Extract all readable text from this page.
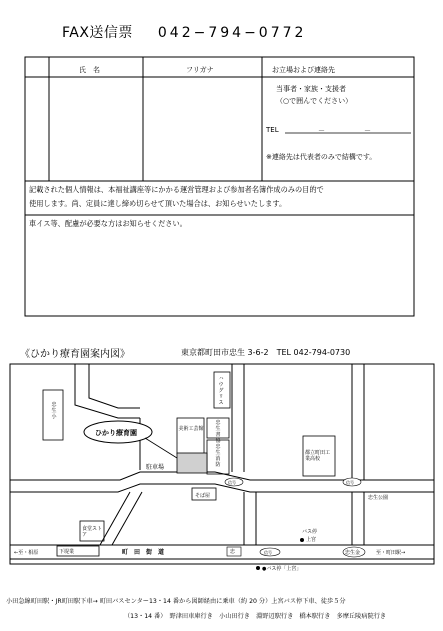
FAX送信票 042−794−0772
氏　名	フリガナ	お立場および連絡先
当事者・家族・支援者
（○で囲んでください）
TEL	－	－
※連絡先は代表者のみで結構です。
記載された個人情報は、本福祉講座等にかかる運営管理および参加者名簿作成のみの目的で
使用します。尚、定員に達し締め切らせて頂いた場合は、お知らせいたします。
車イス等、配慮が必要な方はお知らせください。
《ひかり療育園案内図》	東京都町田市忠生 3-6-2　TEL 042-794-0730
忠生小
ハウグリス
美術工芸館
忠生書協
忠生消防
ひかり療育園
駐車場
そば屋
都立町田工業高校
忠生公園
食堂ストア	バス停
上宮
●バス停「上宮」
下堤業	町　田　街　道	忠	忠生金
信号	信号
信号
←至・相原	至・町田駅→
小田急線町田駅・JR町田駅下車→ 町田バスセンター13・14 番から図師経由に乗車（約 20 分）上宮バス停下車、徒歩５分
（13・14 番）　野津田車庫行き　小山田行き　淵野辺駅行き　橋本駅行き　多摩丘陵病院行き
